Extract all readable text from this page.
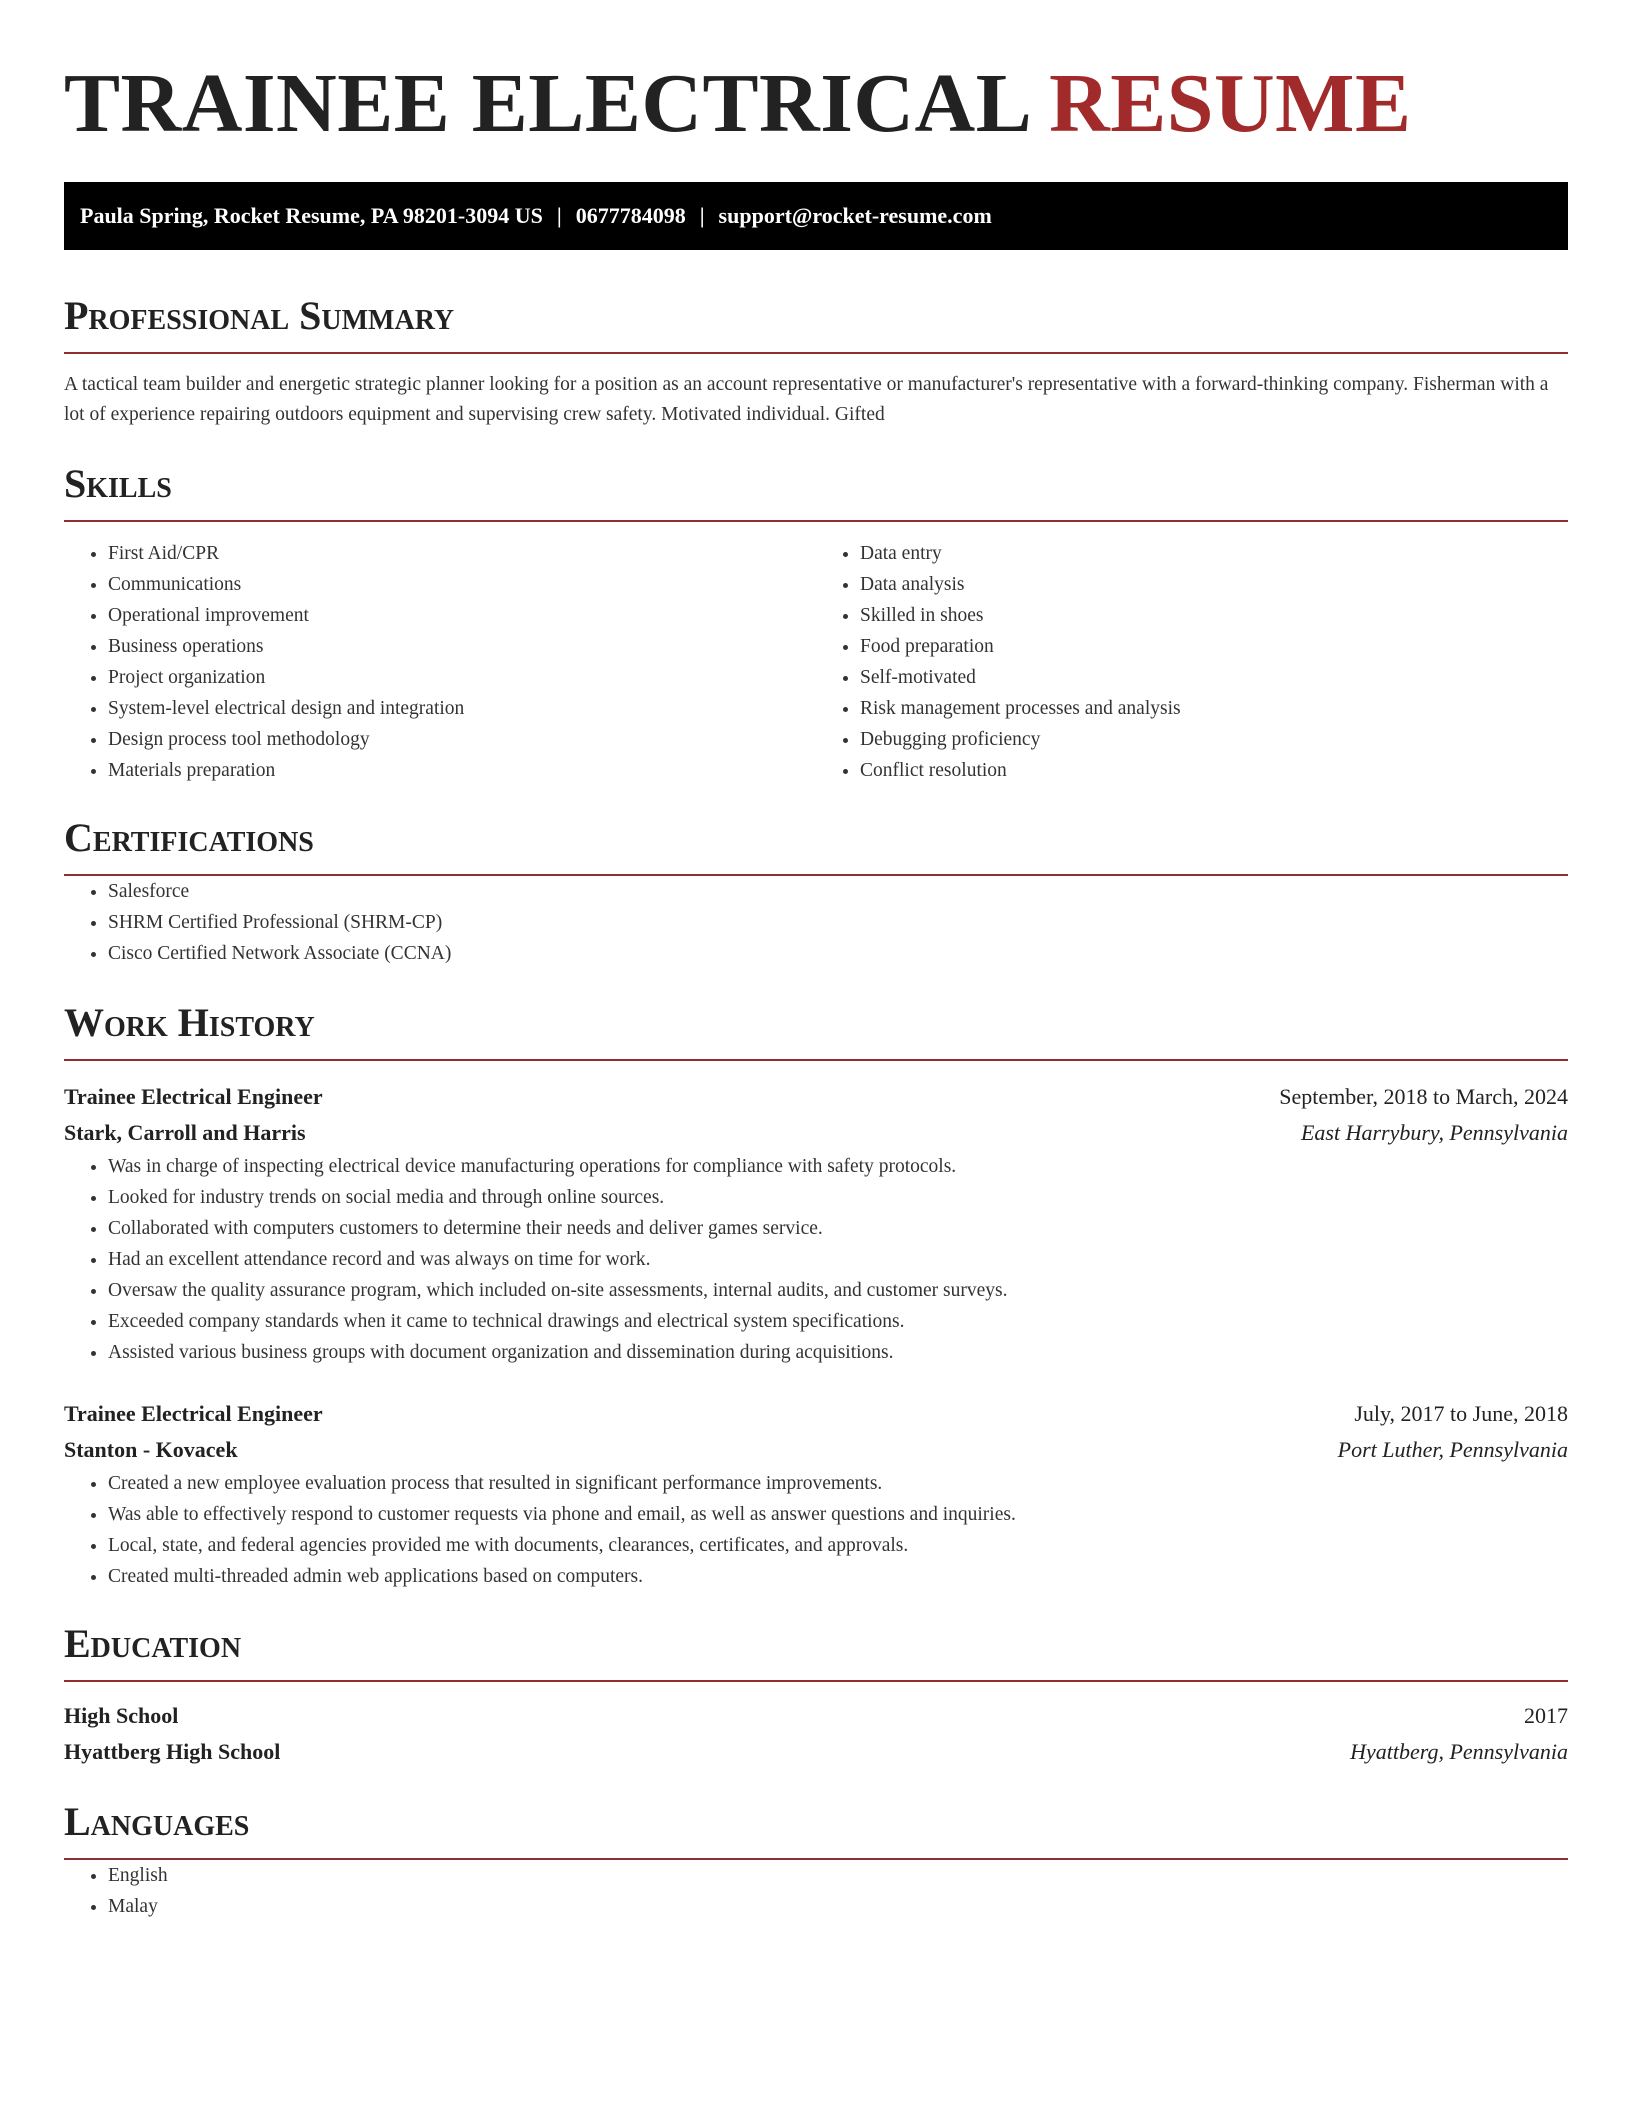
TRAINEE ELECTRICAL RESUME
Paula Spring, Rocket Resume, PA 98201-3094 US | 0677784098 | support@rocket-resume.com
Professional Summary

A tactical team builder and energetic strategic planner looking for a position as an account representative or manufacturer's representative with a forward-thinking company. Fisherman with a lot of experience repairing outdoors equipment and supervising crew safety. Motivated individual. Gifted

Skills
• First Aid/CPR
• Communications
• Operational improvement
• Business operations
• Project organization
• System-level electrical design and integration
• Design process tool methodology
• Materials preparation
• Data entry
• Data analysis
• Skilled in shoes
• Food preparation
• Self-motivated
• Risk management processes and analysis
• Debugging proficiency
• Conflict resolution
Certifications
• Salesforce
• SHRM Certified Professional (SHRM-CP)
• Cisco Certified Network Associate (CCNA)
Work History
Trainee Electrical Engineer	September, 2018 to March, 2024
Stark, Carroll and Harris	East Harrybury, Pennsylvania
• Was in charge of inspecting electrical device manufacturing operations for compliance with safety protocols.
• Looked for industry trends on social media and through online sources.
• Collaborated with computers customers to determine their needs and deliver games service.
• Had an excellent attendance record and was always on time for work.
• Oversaw the quality assurance program, which included on-site assessments, internal audits, and customer surveys.
• Exceeded company standards when it came to technical drawings and electrical system specifications.
• Assisted various business groups with document organization and dissemination during acquisitions.
Trainee Electrical Engineer	July, 2017 to June, 2018
Stanton - Kovacek	Port Luther, Pennsylvania
• Created a new employee evaluation process that resulted in significant performance improvements.
• Was able to effectively respond to customer requests via phone and email, as well as answer questions and inquiries.
• Local, state, and federal agencies provided me with documents, clearances, certificates, and approvals.
• Created multi-threaded admin web applications based on computers.
Education
High School	2017
Hyattberg High School	Hyattberg, Pennsylvania
Languages
• English
• Malay
